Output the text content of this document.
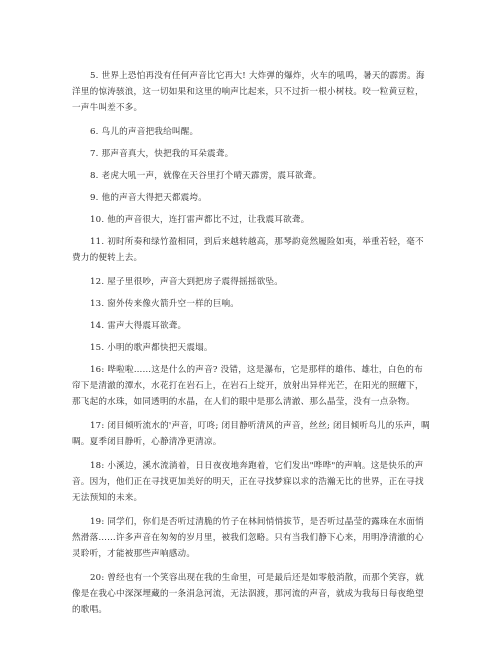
5. 世界上恐怕再没有任何声音比它再大! 大炸弹的爆炸，火车的吼鸣，暑天的霹雳。海洋里的惊涛骇浪，这一切如果和这里的响声比起来，只不过折一根小树枝。咬一粒黄豆粒，一声牛叫差不多。

6. 鸟儿的声音把我给叫醒。

7. 那声音真大，快把我的耳朵震聋。

8. 老虎大吼一声，就像在天谷里打个晴天霹雳，震耳欲聋。

9. 他的声音大得把天都震垮。

10. 他的声音很大，连打雷声都比不过，让我震耳欲聋。

11. 初时所奏和绿竹盈相同，到后来越转越高，那琴韵竟然履险如夷，举重若轻，毫不费力的便转上去。

12. 屋子里很吵，声音大到把房子震得摇摇欲坠。

13. 窗外传来像火箭升空一样的巨响。

14. 雷声大得震耳欲聋。

15. 小明的歌声都快把天震塌。

16: 哗啦啦……这是什么的声音? 没错，这是瀑布，它是那样的雄伟、雄壮，白色的布帘下是清澈的潭水，水花打在岩石上，在岩石上绽开，放射出异样光芒，在阳光的照耀下，那飞起的水珠，如同透明的水晶，在人们的眼中是那么清澈、那么晶莹，没有一点杂物。

17: 闭目倾听流水的'声音，叮咚; 闭目静听清风的声音，丝丝; 闭目倾听鸟儿的乐声，啁啁。夏季闭目静听，心静清净更清凉。

18: 小溪边，溪水流淌着，日日夜夜地奔跑着，它们发出"哗哗"的声响。这是快乐的声音。因为，他们正在寻找更加美好的明天，正在寻找梦寐以求的浩瀚无比的世界，正在寻找无法预知的未来。

19: 同学们，你们是否听过清脆的竹子在林间悄悄拔节，是否听过晶莹的露珠在水面悄然滑落……许多声音在匆匆的岁月里，被我们忽略。只有当我们静下心来，用明净清澈的心灵聆听，才能被那些声响感动。

20: 曾经也有一个笑容出现在我的生命里，可是最后还是如零般消散，而那个笑容，就像是在我心中深深埋藏的一条涓急河流，无法泅渡，那河流的声音，就成为我每日每夜绝望的歌唱。
